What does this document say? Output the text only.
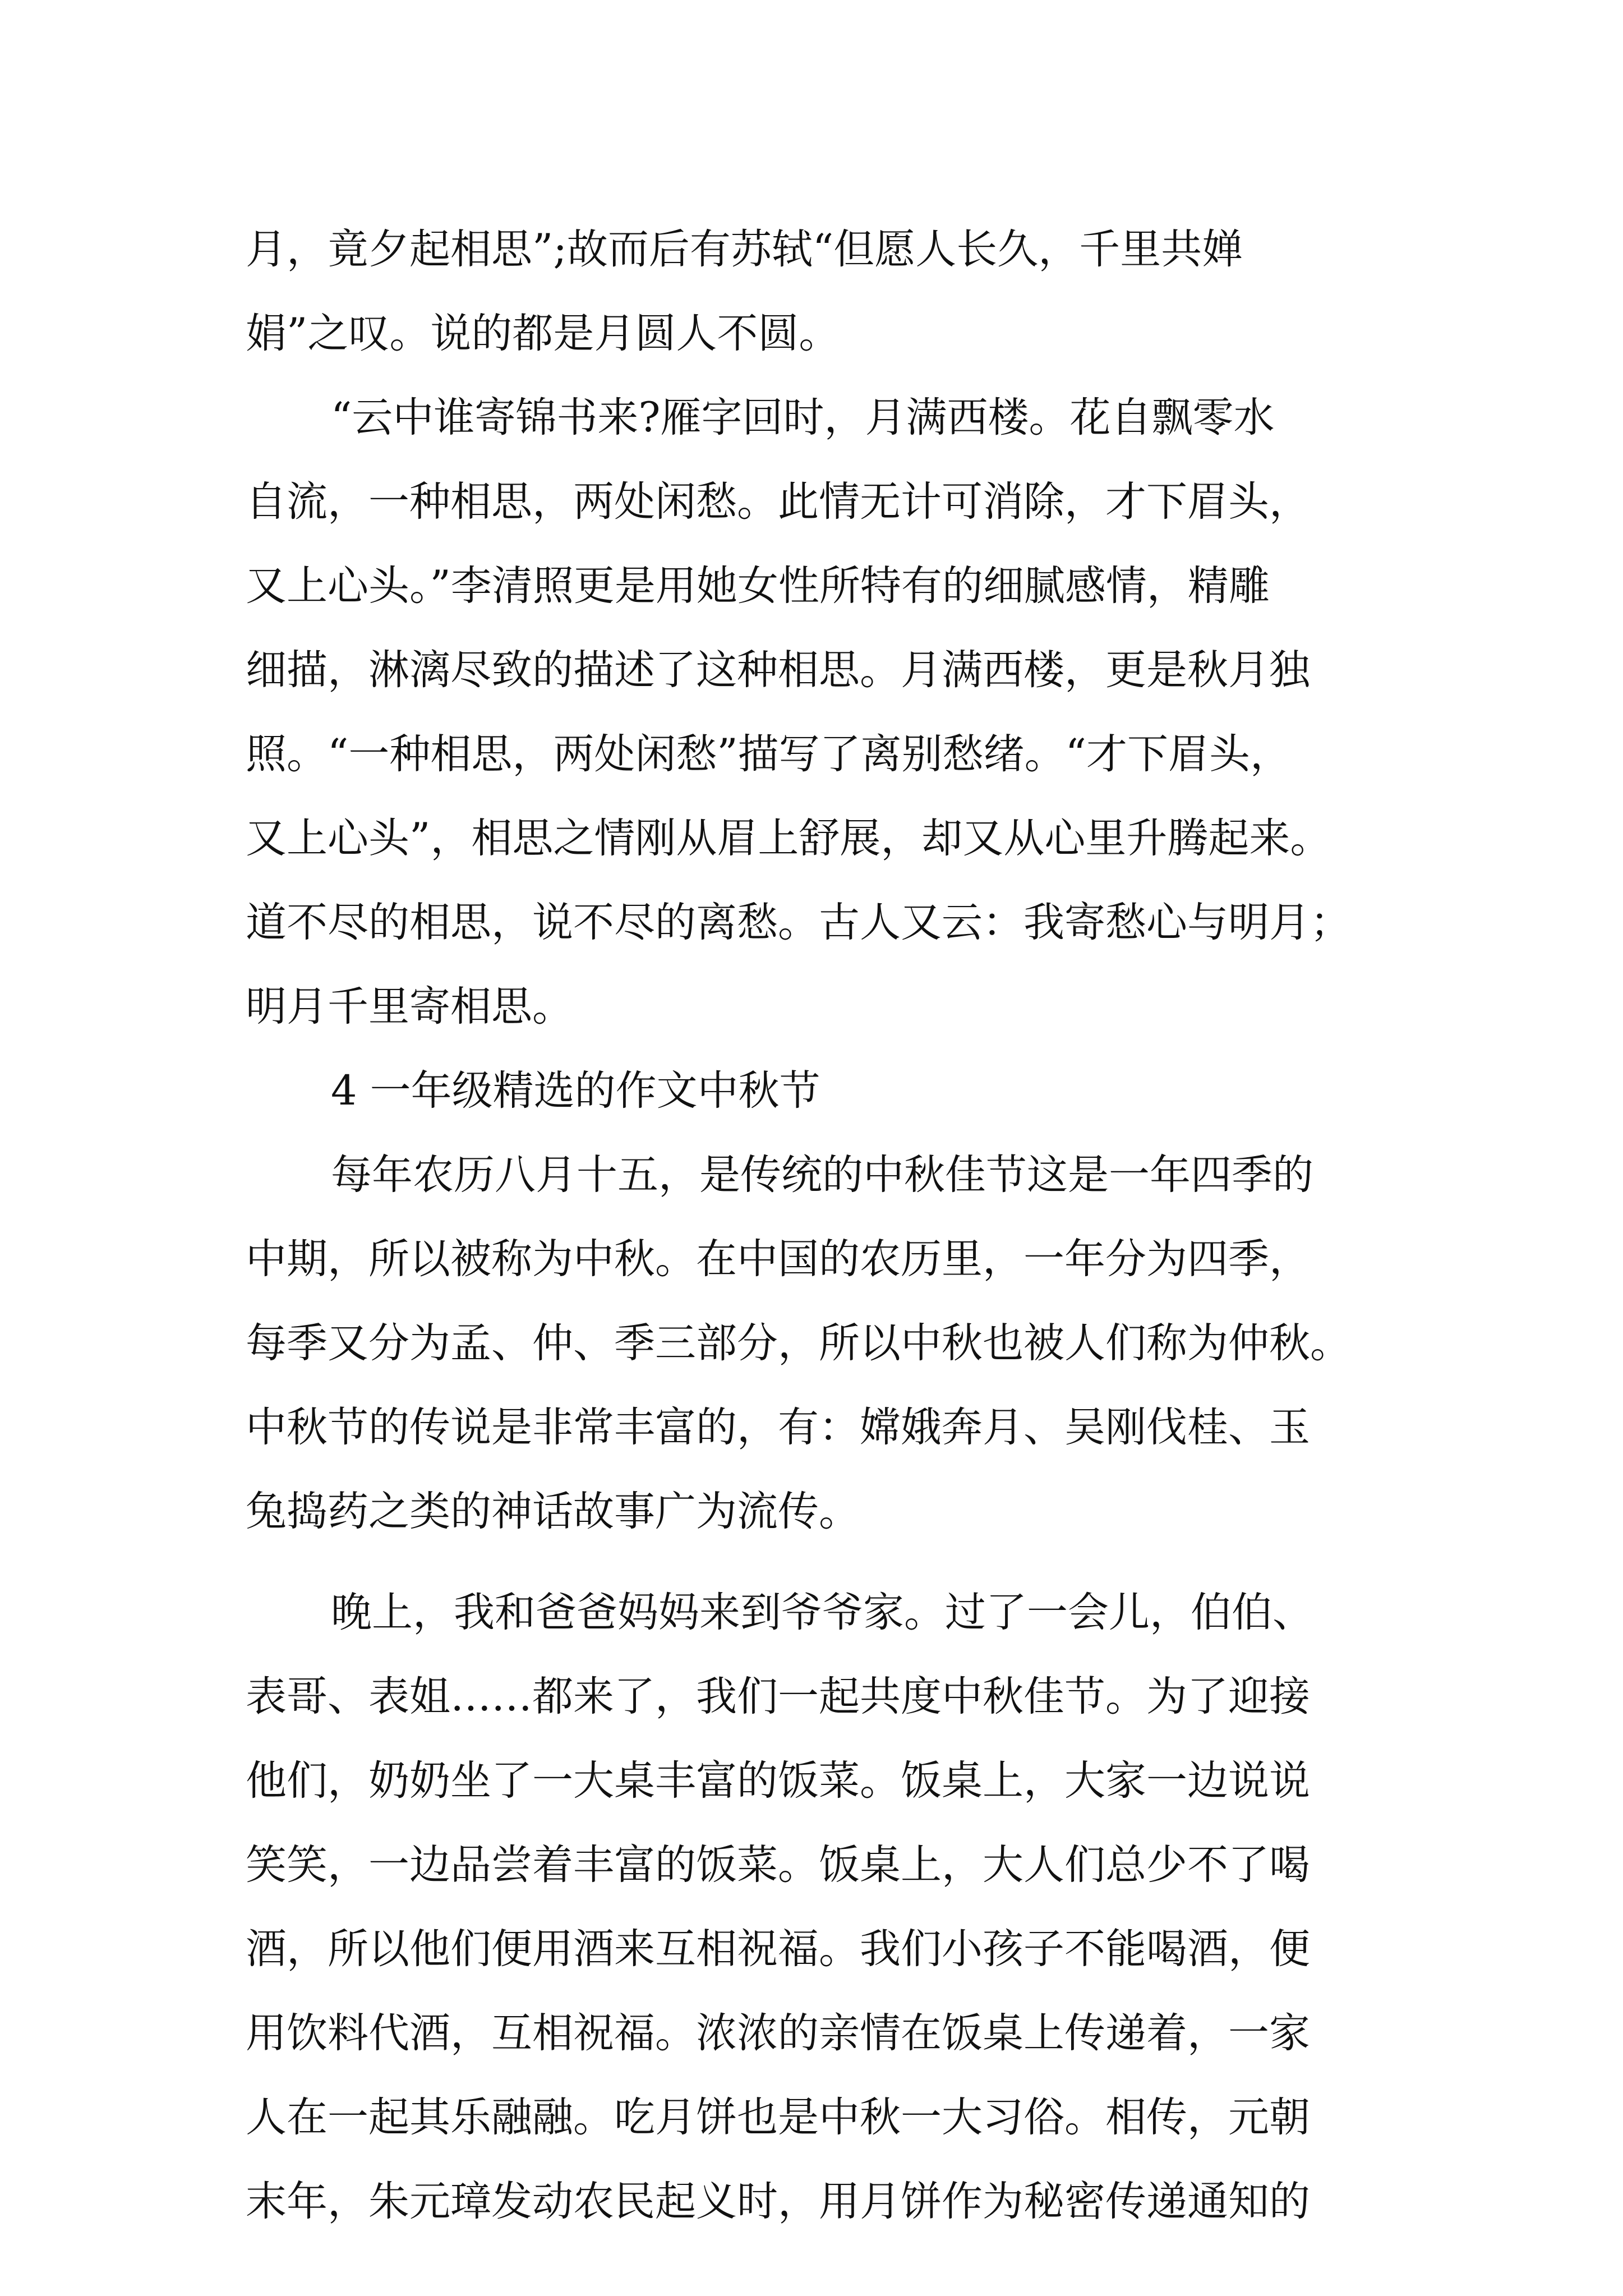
月，竟夕起相思”;故而后有苏轼“但愿人长久，千里共婵
娟”之叹。说的都是月圆人不圆。
“云中谁寄锦书来?雁字回时，月满西楼。花自飘零水
自流，一种相思，两处闲愁。此情无计可消除，才下眉头，
又上心头。”李清照更是用她女性所特有的细腻感情，精雕
细描，淋漓尽致的描述了这种相思。月满西楼，更是秋月独
照。“一种相思，两处闲愁”描写了离别愁绪。“才下眉头，
又上心头”，相思之情刚从眉上舒展，却又从心里升腾起来。
道不尽的相思，说不尽的离愁。古人又云：我寄愁心与明月；
明月千里寄相思。
4 一年级精选的作文中秋节
每年农历八月十五，是传统的中秋佳节这是一年四季的
中期，所以被称为中秋。在中国的农历里，一年分为四季，
每季又分为孟、仲、季三部分，所以中秋也被人们称为仲秋。
中秋节的传说是非常丰富的，有：嫦娥奔月、吴刚伐桂、玉
兔捣药之类的神话故事广为流传。
晚上，我和爸爸妈妈来到爷爷家。过了一会儿，伯伯、
表哥、表姐……都来了，我们一起共度中秋佳节。为了迎接
他们，奶奶坐了一大桌丰富的饭菜。饭桌上，大家一边说说
笑笑，一边品尝着丰富的饭菜。饭桌上，大人们总少不了喝
酒，所以他们便用酒来互相祝福。我们小孩子不能喝酒，便
用饮料代酒，互相祝福。浓浓的亲情在饭桌上传递着，一家
人在一起其乐融融。吃月饼也是中秋一大习俗。相传，元朝
末年，朱元璋发动农民起义时，用月饼作为秘密传递通知的
